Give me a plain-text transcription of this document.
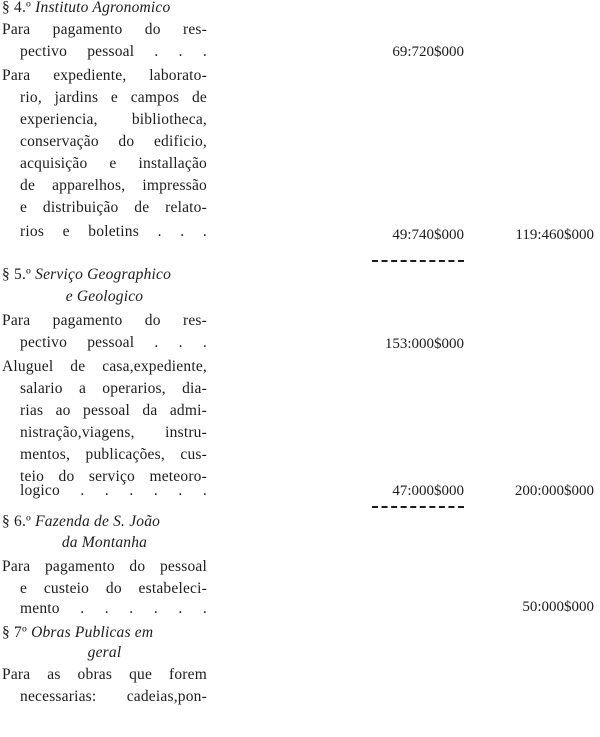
§ 4.º Instituto Agronomico
Para pagamento do res-
pectivo pessoal . . .	69:720$000
Para expediente, laborato-
rio, jardins e campos de
experiencia, bibliotheca,
conservação do edificio,
acquisição e installação
de apparelhos, impressão
e distribuição de relato-
rios e boletins . . .	49:740$000	119:460$000
§ 5.º Serviço Geographico
e Geologico
Para pagamento do res-
pectivo pessoal . . .	153:000$000
Aluguel de casa,expediente,
salario a operarios, dia-
rias ao pessoal da admi-
nistração,viagens, instru-
mentos, publicações, cus-
teio do serviço meteoro-
logico . . . . . .	47:000$000	200:000$000
§ 6.º Fazenda de S. João
da Montanha
Para pagamento do pessoal
e custeio do estabeleci-
mento . . . . . .	50:000$000
§ 7º Obras Publicas em
geral
Para as obras que forem
necessarias: cadeias,pon-
